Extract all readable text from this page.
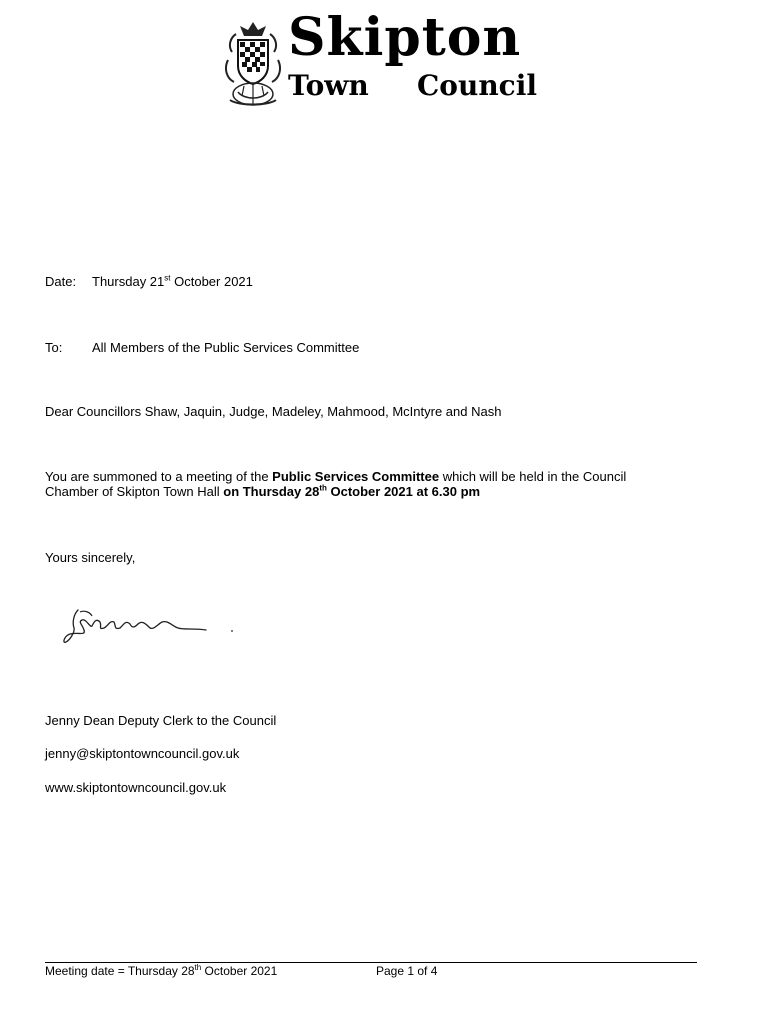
Skipton
Town Council
Date: Thursday 21st October 2021
To: All Members of the Public Services Committee
Dear Councillors Shaw, Jaquin, Judge, Madeley, Mahmood, McIntyre and Nash
You are summoned to a meeting of the Public Services Committee which will be held in the Council
Chamber of Skipton Town Hall on Thursday 28th October 2021 at 6.30 pm
Yours sincerely,
Jenny Dean Deputy Clerk to the Council
jenny@skiptontowncouncil.gov.uk
www.skiptontowncouncil.gov.uk
Meeting date = Thursday 28th October 2021	Page 1 of 4
